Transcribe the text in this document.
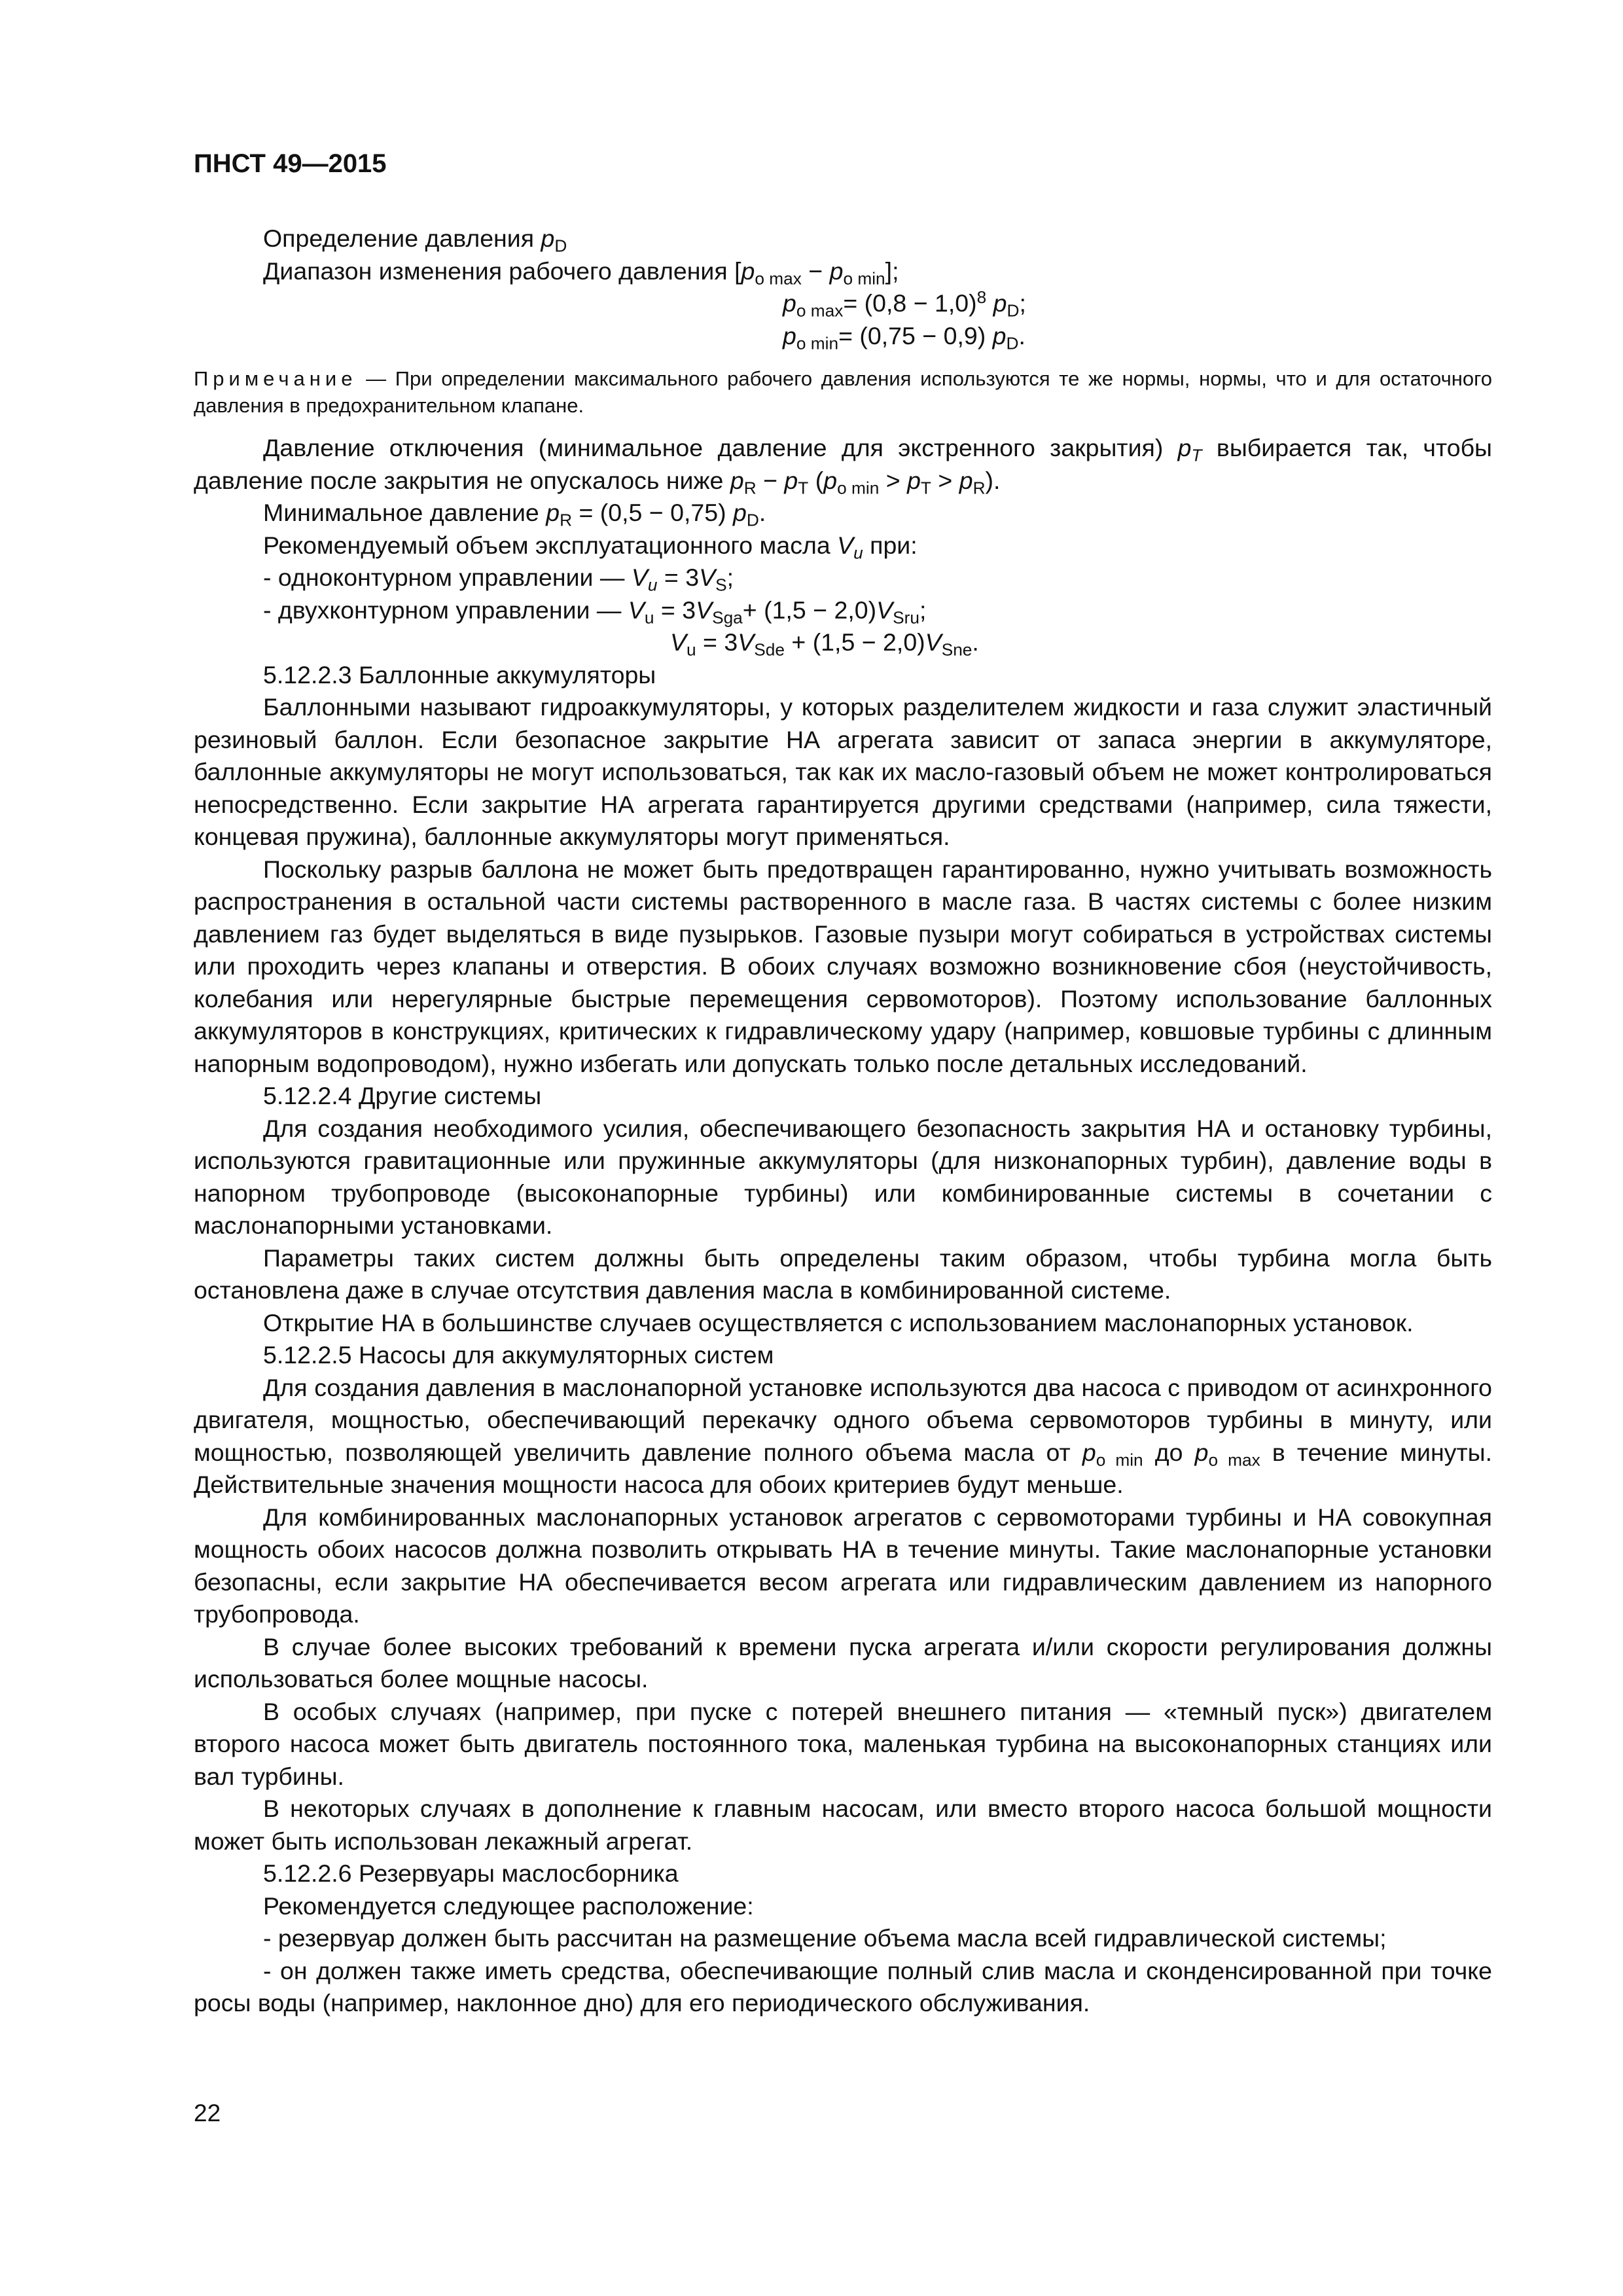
ПНСТ 49—2015

Определение давления $p_D$

Диапазон изменения рабочего давления $[p_{o max} - p_{o min}]$;

$p_{o max}= (0,8 - 1,0)^8$ $p_D$;

$p_{o min}= (0,75 - 0,9)$ $p_D$.

Примечание — При определении максимального рабочего давления используются те же нормы, нормы, что и для остаточного давления в предохранительном клапане.

Давление отключения (минимальное давление для экстренного закрытия) $p_T$ выбирается так, чтобы давление после закрытия не опускалось ниже $p_R - p_T$ $(p_{o min} > p_T > p_R)$.

Минимальное давление $p_R = (0,5 - 0,75)$ $p_D$.

Рекомендуемый объем эксплуатационного масла $V_u$ при:

- одноконтурном управлении — $V_u = 3V_S$;

- двухконтурном управлении — $V_u = 3V_{Sga}+ (1,5 - 2,0)V_{Sru}$;

$V_u = 3V_{Sde} + (1,5 - 2,0)V_{Sne}$.

5.12.2.3 Баллонные аккумуляторы

Баллонными называют гидроаккумуляторы, у которых разделителем жидкости и газа служит эластичный резиновый баллон. Если безопасное закрытие НА агрегата зависит от запаса энергии в аккумуляторе, баллонные аккумуляторы не могут использоваться, так как их масло-газовый объем не может контролироваться непосредственно. Если закрытие НА агрегата гарантируется другими средствами (например, сила тяжести, концевая пружина), баллонные аккумуляторы могут применяться.

Поскольку разрыв баллона не может быть предотвращен гарантированно, нужно учитывать возможность распространения в остальной части системы растворенного в масле газа. В частях системы с более низким давлением газ будет выделяться в виде пузырьков. Газовые пузыри могут собираться в устройствах системы или проходить через клапаны и отверстия. В обоих случаях возможно возникновение сбоя (неустойчивость, колебания или нерегулярные быстрые перемещения сервомоторов). Поэтому использование баллонных аккумуляторов в конструкциях, критических к гидравлическому удару (например, ковшовые турбины с длинным напорным водопроводом), нужно избегать или допускать только после детальных исследований.

5.12.2.4 Другие системы

Для создания необходимого усилия, обеспечивающего безопасность закрытия НА и остановку турбины, используются гравитационные или пружинные аккумуляторы (для низконапорных турбин), давление воды в напорном трубопроводе (высоконапорные турбины) или комбинированные системы в сочетании с маслонапорными установками.

Параметры таких систем должны быть определены таким образом, чтобы турбина могла быть остановлена даже в случае отсутствия давления масла в комбинированной системе.

Открытие НА в большинстве случаев осуществляется с использованием маслонапорных установок.

5.12.2.5 Насосы для аккумуляторных систем

Для создания давления в маслонапорной установке используются два насоса с приводом от асинхронного двигателя, мощностью, обеспечивающий перекачку одного объема сервомоторов турбины в минуту, или мощностью, позволяющей увеличить давление полного объема масла от $p_{o min}$ до $p_{o max}$ в течение минуты. Действительные значения мощности насоса для обоих критериев будут меньше.

Для комбинированных маслонапорных установок агрегатов с сервомоторами турбины и НА совокупная мощность обоих насосов должна позволить открывать НА в течение минуты. Такие маслонапорные установки безопасны, если закрытие НА обеспечивается весом агрегата или гидравлическим давлением из напорного трубопровода.

В случае более высоких требований к времени пуска агрегата и/или скорости регулирования должны использоваться более мощные насосы.

В особых случаях (например, при пуске с потерей внешнего питания — «темный пуск») двигателем второго насоса может быть двигатель постоянного тока, маленькая турбина на высоконапорных станциях или вал турбины.

В некоторых случаях в дополнение к главным насосам, или вместо второго насоса большой мощности может быть использован лекажный агрегат.

5.12.2.6 Резервуары маслосборника

Рекомендуется следующее расположение:

- резервуар должен быть рассчитан на размещение объема масла всей гидравлической системы;

- он должен также иметь средства, обеспечивающие полный слив масла и сконденсированной при точке росы воды (например, наклонное дно) для его периодического обслуживания.

22
